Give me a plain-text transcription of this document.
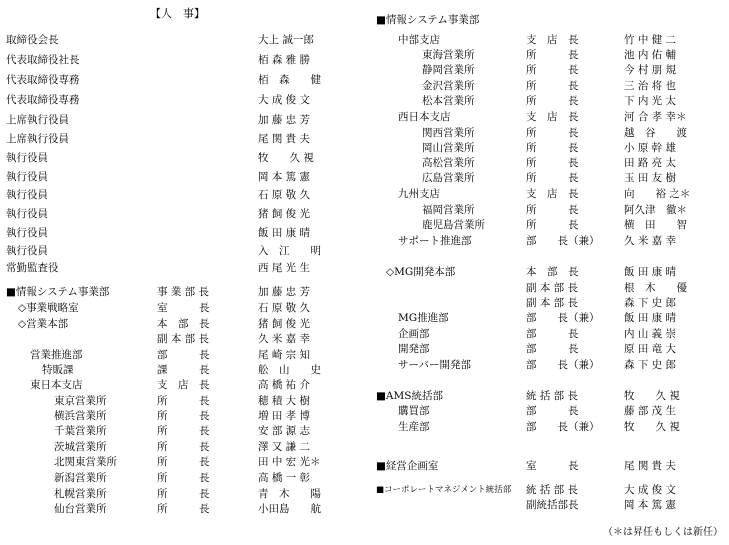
【人　事】
取締役会長	大上 誠一郎
代表取締役社長	栢 森 雅 勝
代表取締役専務	栢　森　　健
代表取締役専務	大 成 俊 文
上席執行役員	加 藤 忠 芳
上席執行役員	尾 関 貴 夫
執行役員	牧　　久 視
執行役員	岡 本 篤 憲
執行役員	石 原 敬 久
執行役員	猪 飼 俊 光
執行役員	飯 田 康 晴
執行役員	入　江　　明
常勤監査役	西 尾 光 生
■情報システム事業部	事 業 部 長	加 藤 忠 芳
◇事業戦略室	室　　　長	石 原 敬 久
◇営業本部	本　部　長	猪 飼 俊 光
副 本 部 長	久 米 嘉 幸
営業推進部	部　　　長	尾 崎 宗 知
特販課	課　　　長	舩　山　　史
東日本支店	支　店　長	高 橋 祐 介
東京営業所	所　　　長	穂 積 大 樹
横浜営業所	所　　　長	増 田 孝 博
千葉営業所	所　　　長	安 部 源 志
茨城営業所	所　　　長	澤 又 謙 二
北関東営業所	所　　　長	田 中 宏 光＊
新潟営業所	所　　　長	高 橋 一 彰
札幌営業所	所　　　長	青　木　　陽
仙台営業所	所　　　長	小田島　　航
■情報システム事業部
中部支店	支　店　長	竹 中 健 二
東海営業所	所　　　長	池 内 佑 輔
静岡営業所	所　　　長	今 村 朋 規
金沢営業所	所　　　長	三 治 将 也
松本営業所	所　　　長	下 内 光 太
西日本支店	支　店　長	河 合 孝 幸＊
関西営業所	所　　　長	越　谷　　渡
岡山営業所	所　　　長	小 原 幹 雄
高松営業所	所　　　長	田 路 亮 太
広島営業所	所　　　長	玉 田 友 樹
九州支店	支　店　長	向　　裕 之＊
福岡営業所	所　　　長	阿久津　徹＊
鹿児島営業所	所　　　長	横　田　　智
サポート推進部	部　　長（兼） 久 米 嘉 幸
◇MG開発本部	本　部　長	飯 田 康 晴
副 本 部 長	根　木　　優
副 本 部 長	森 下 史 郎
MG推進部	部　　長（兼） 飯 田 康 晴
企画部	部　　　長	内 山 義 崇
開発部	部　　　長	原 田 竜 大
サーバー開発部	部　　長（兼） 森 下 史 郎
■AMS統括部	統 括 部 長	牧　　久 視
購買部	部　　　長	藤 部 茂 生
生産部	部　　長（兼） 牧　　久 視
■経営企画室	室　　　長	尾 関 貴 夫
■コーポレートマネジメント統括部 統 括 部 長	大 成 俊 文
副統括部長	岡 本 篤 憲
（＊は昇任もしくは新任）
